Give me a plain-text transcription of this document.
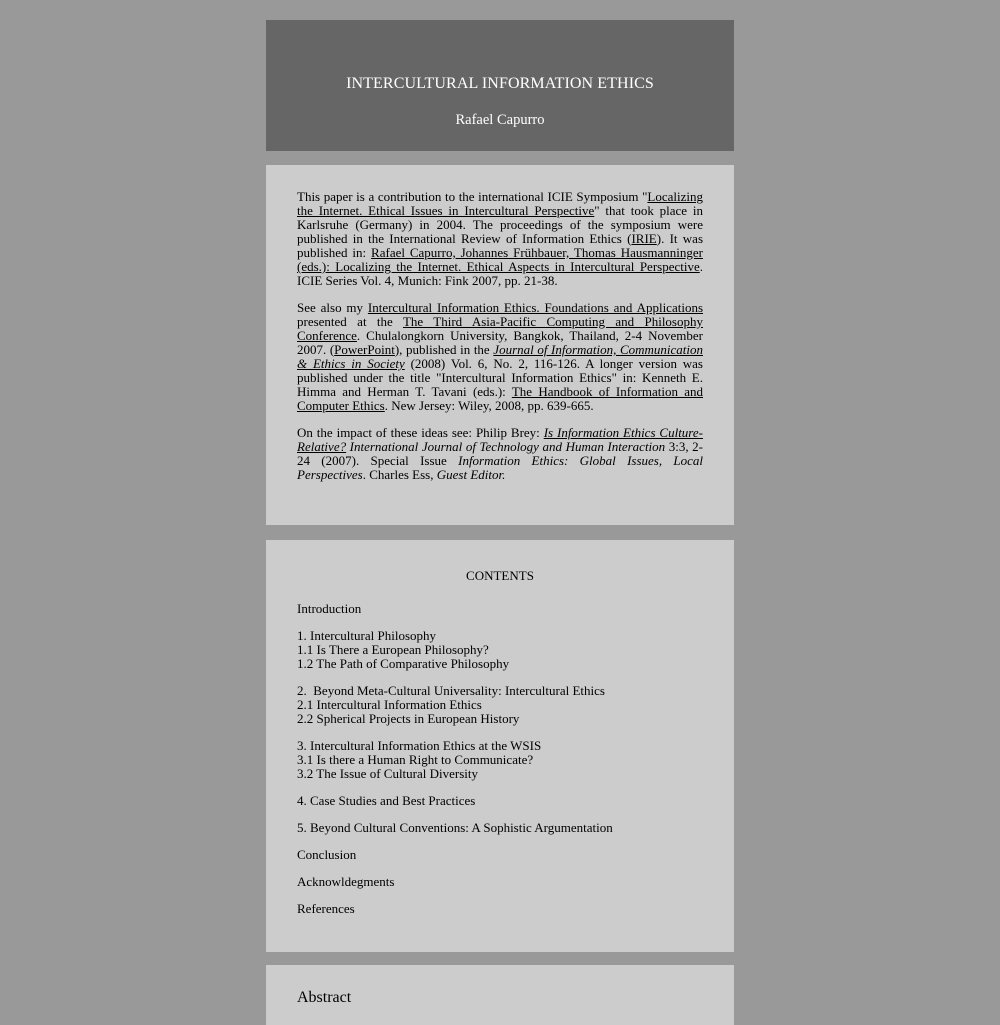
INTERCULTURAL INFORMATION ETHICS
Rafael Capurro

This paper is a contribution to the international ICIE Symposium "Localizing the Internet. Ethical Issues in Intercultural Perspective" that took place in Karlsruhe (Germany) in 2004. The proceedings of the symposium were published in the International Review of Information Ethics (IRIE). It was published in: Rafael Capurro, Johannes Frühbauer, Thomas Hausmanninger (eds.): Localizing the Internet. Ethical Aspects in Intercultural Perspective. ICIE Series Vol. 4, Munich: Fink 2007, pp. 21-38.

See also my Intercultural Information Ethics. Foundations and Applications presented at the The Third Asia-Pacific Computing and Philosophy Conference. Chulalongkorn University, Bangkok, Thailand, 2-4 November 2007. (PowerPoint), published in the Journal of Information, Communication & Ethics in Society (2008) Vol. 6, No. 2, 116-126. A longer version was published under the title "Intercultural Information Ethics" in: Kenneth E. Himma and Herman T. Tavani (eds.): The Handbook of Information and Computer Ethics. New Jersey: Wiley, 2008, pp. 639-665.

On the impact of these ideas see: Philip Brey: Is Information Ethics Culture-Relative? International Journal of Technology and Human Interaction 3:3, 2-24 (2007). Special Issue Information Ethics: Global Issues, Local Perspectives. Charles Ess, Guest Editor.

CONTENTS
Introduction
1. Intercultural Philosophy
1.1 Is There a European Philosophy?
1.2 The Path of Comparative Philosophy
2.  Beyond Meta-Cultural Universality: Intercultural Ethics
2.1 Intercultural Information Ethics
2.2 Spherical Projects in European History
3. Intercultural Information Ethics at the WSIS
3.1 Is there a Human Right to Communicate?
3.2 The Issue of Cultural Diversity
4. Case Studies and Best Practices
5. Beyond Cultural Conventions: A Sophistic Argumentation
Conclusion
Acknowldegments
References
Abstract
